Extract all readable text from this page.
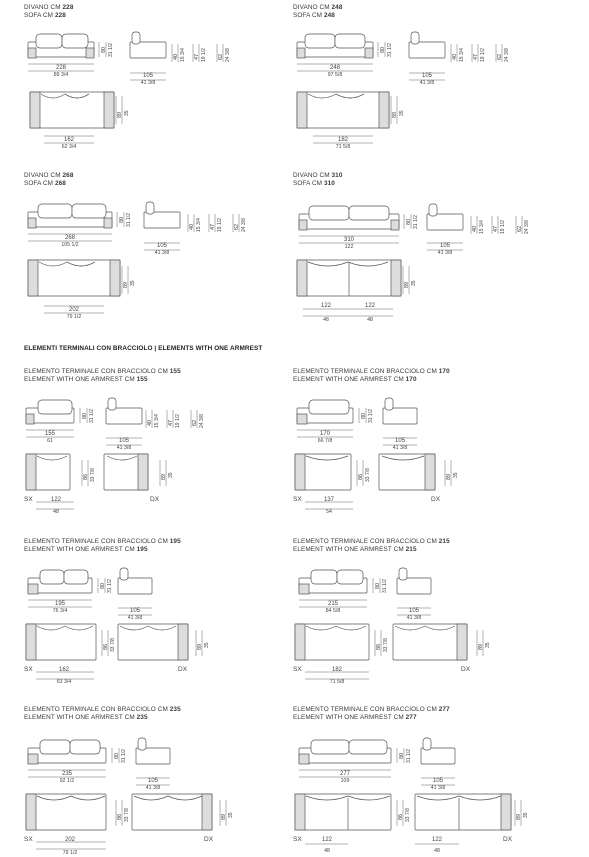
DIVANO CM 228
SOFA CM 228
228
89 3/4	105
41 3/8
162
62 3/4
80 31 1/2
89 35
40 15 3/4 47 19 1/2 62 24 3/8
DIVANO CM 248
SOFA CM 248
248
97 5/8	105
41 3/8
182
71 5/8
80 31 1/2
89 35
40 15 3/4 47 19 1/2 62 24 3/8
DIVANO CM 268
SOFA CM 268
268
105 1/2	105
41 3/8
202
79 1/2
80 31 1/2
89 35
40 15 3/4 47 19 1/2 62 24 3/8
DIVANO CM 310
SOFA CM 310
310
122	105
41 3/8
122
48
122
48
80 31 1/2
89 35
40 15 3/4 47 19 1/2 62 24 3/8
ELEMENTI TERMINALI CON BRACCIOLO | ELEMENTS WITH ONE ARMREST
ELEMENTO TERMINALE CON BRACCIOLO CM 155
ELEMENT WITH ONE ARMREST CM 155
155
61	105
41 3/8
SX	DX
122
48
80 31 1/2
86 33 7/8	89 35
40 15 3/4 47 19 1/2 62 24 3/8
ELEMENTO TERMINALE CON BRACCIOLO CM 170
ELEMENT WITH ONE ARMREST CM 170
170
66 7/8	105
41 3/8
SX	DX
137
54
80 31 1/2
86 33 7/8	89 35
ELEMENTO TERMINALE CON BRACCIOLO CM 195
ELEMENT WITH ONE ARMREST CM 195
195
76 3/4	105
41 3/8
SX	DX
162
63 3/4
80 31 1/2
86 33 7/8	89 35
ELEMENTO TERMINALE CON BRACCIOLO CM 215
ELEMENT WITH ONE ARMREST CM 215
215
84 5/8	105
41 3/8
SX	DX
182
71 5/8
80 31 1/2
86 33 7/8	89 35
ELEMENTO TERMINALE CON BRACCIOLO CM 235
ELEMENT WITH ONE ARMREST CM 235
235
92 1/2	105
41 3/8
SX	DX
202
79 1/2
80 31 1/2
86 33 7/8	89 35
ELEMENTO TERMINALE CON BRACCIOLO CM 277
ELEMENT WITH ONE ARMREST CM 277
277
109	105
41 3/8
SX	DX
122
48
122
48
80 31 1/2
86 33 7/8	89 35
